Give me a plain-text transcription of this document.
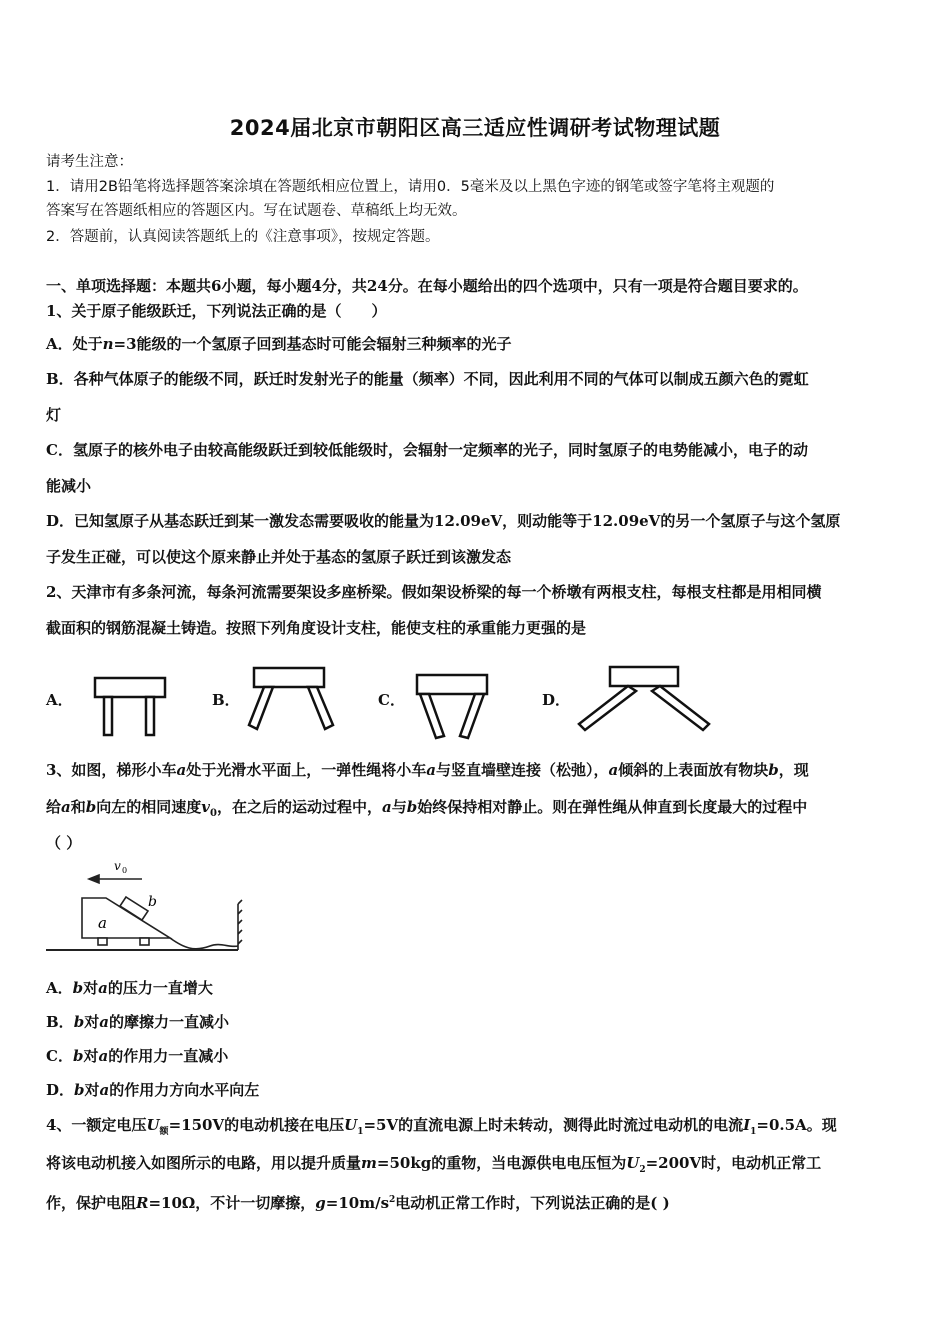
2024届北京市朝阳区高三适应性调研考试物理试题
请考生注意：
1．请用2B铅笔将选择题答案涂填在答题纸相应位置上，请用0．5毫米及以上黑色字迹的钢笔或签字笔将主观题的
答案写在答题纸相应的答题区内。写在试题卷、草稿纸上均无效。
2．答题前，认真阅读答题纸上的《注意事项》，按规定答题。
一、单项选择题：本题共6小题，每小题4分，共24分。在每小题给出的四个选项中，只有一项是符合题目要求的。
1、关于原子能级跃迁，下列说法正确的是（　　）
A．处于n=3能级的一个氢原子回到基态时可能会辐射三种频率的光子
B．各种气体原子的能级不同，跃迁时发射光子的能量（频率）不同，因此利用不同的气体可以制成五颜六色的霓虹
灯
C．氢原子的核外电子由较高能级跃迁到较低能级时，会辐射一定频率的光子，同时氢原子的电势能减小，电子的动
能减小
D．已知氢原子从基态跃迁到某一激发态需要吸收的能量为12.09eV，则动能等于12.09eV的另一个氢原子与这个氢原
子发生正碰，可以使这个原来静止并处于基态的氢原子跃迁到该激发态
2、天津市有多条河流，每条河流需要架设多座桥梁。假如架设桥梁的每一个桥墩有两根支柱，每根支柱都是用相同横
截面积的钢筋混凝土铸造。按照下列角度设计支柱，能使支柱的承重能力更强的是
A．	B．	C．	D．
3、如图，梯形小车a处于光滑水平面上，一弹性绳将小车a与竖直墙壁连接（松弛），a倾斜的上表面放有物块b，现
给a和b向左的相同速度$v_0$，在之后的运动过程中，a与b始终保持相对静止。则在弹性绳从伸直到长度最大的过程中
（ ）
v 0
a
b
A．b对a的压力一直增大
B．b对a的摩擦力一直减小
C．b对a的作用力一直减小
D．b对a的作用力方向水平向左
4、一额定电压$U_额=150V$的电动机接在电压$U_1=5V$的直流电源上时未转动，测得此时流过电动机的电流$I_1=0.5A$。现
将该电动机接入如图所示的电路，用以提升质量m=50kg的重物，当电源供电电压恒为$U_2=200V$时，电动机正常工
作，保护电阻R=10Ω，不计一切摩擦，$g=10m/s^2$电动机正常工作时，下列说法正确的是( )
